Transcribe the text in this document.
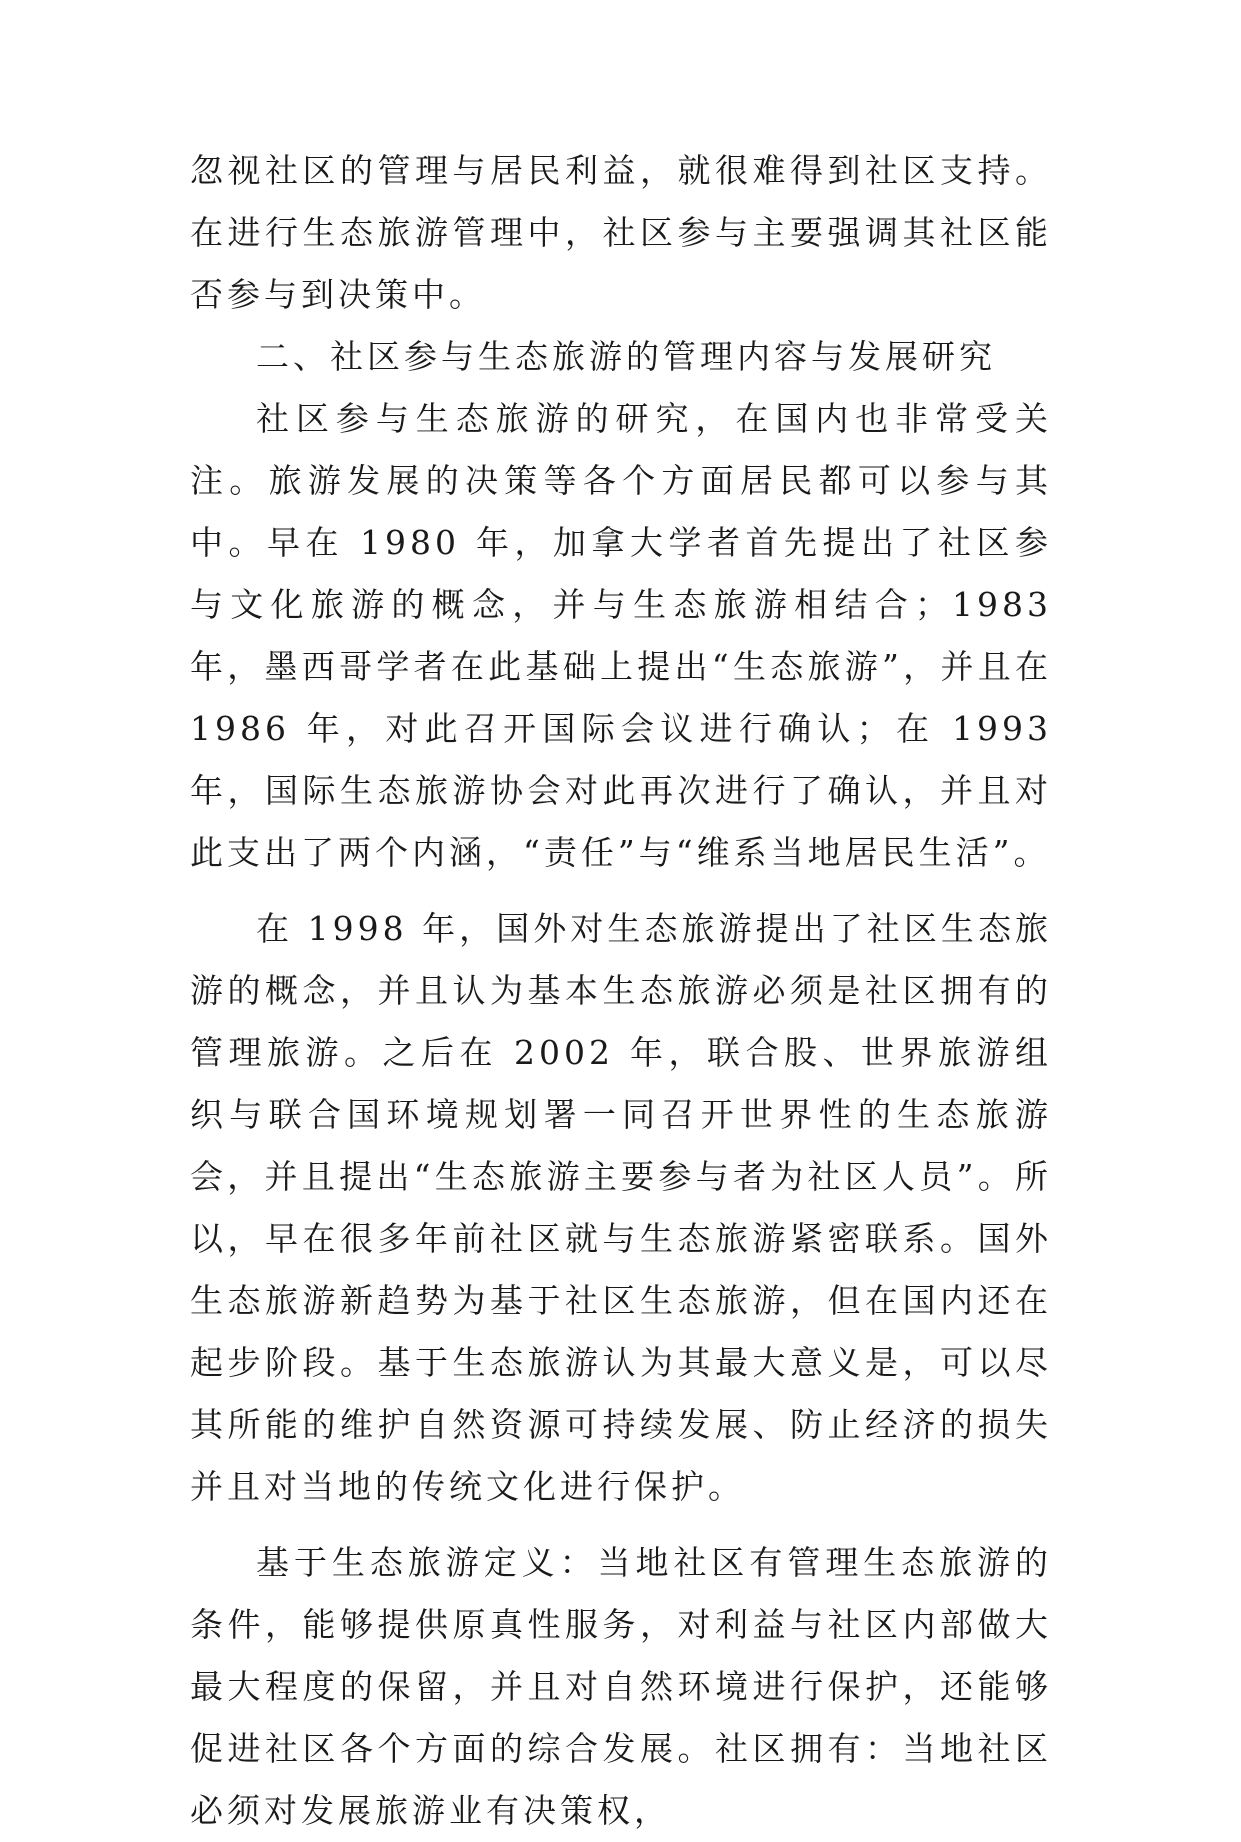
忽视社区的管理与居民利益，就很难得到社区支持。在进行生态旅游管理中，社区参与主要强调其社区能否参与到决策中。

二、社区参与生态旅游的管理内容与发展研究

社区参与生态旅游的研究，在国内也非常受关注。旅游发展的决策等各个方面居民都可以参与其中。早在 1980 年，加拿大学者首先提出了社区参与文化旅游的概念，并与生态旅游相结合；1983 年，墨西哥学者在此基础上提出“生态旅游”，并且在 1986 年，对此召开国际会议进行确认；在 1993 年，国际生态旅游协会对此再次进行了确认，并且对此支出了两个内涵，“责任”与“维系当地居民生活”。

在 1998 年，国外对生态旅游提出了社区生态旅游的概念，并且认为基本生态旅游必须是社区拥有的管理旅游。之后在 2002 年，联合股、世界旅游组织与联合国环境规划署一同召开世界性的生态旅游会，并且提出“生态旅游主要参与者为社区人员”。所以，早在很多年前社区就与生态旅游紧密联系。国外生态旅游新趋势为基于社区生态旅游，但在国内还在起步阶段。基于生态旅游认为其最大意义是，可以尽其所能的维护自然资源可持续发展、防止经济的损失并且对当地的传统文化进行保护。

基于生态旅游定义：当地社区有管理生态旅游的条件，能够提供原真性服务，对利益与社区内部做大最大程度的保留，并且对自然环境进行保护，还能够促进社区各个方面的综合发展。社区拥有：当地社区必须对发展旅游业有决策权，
